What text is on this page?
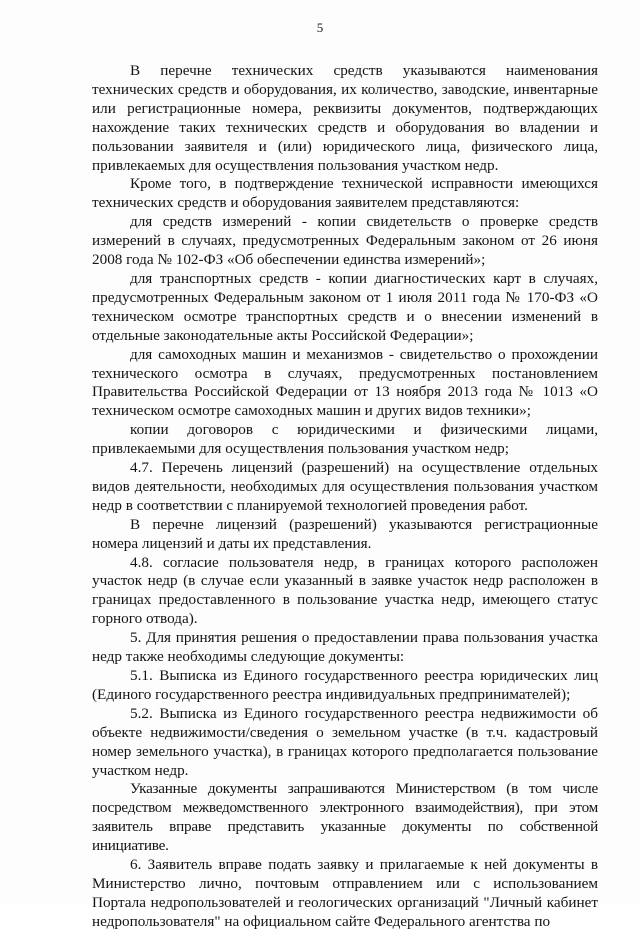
5

В перечне технических средств указываются наименования технических средств и оборудования, их количество, заводские, инвентарные или регистрационные номера, реквизиты документов, подтверждающих нахождение таких технических средств и оборудования во владении и пользовании заявителя и (или) юридического лица, физического лица, привлекаемых для осуществления пользования участком недр.

Кроме того, в подтверждение технической исправности имеющихся технических средств и оборудования заявителем представляются:

для средств измерений - копии свидетельств о проверке средств измерений в случаях, предусмотренных Федеральным законом от 26 июня 2008 года № 102-ФЗ «Об обеспечении единства измерений»;

для транспортных средств - копии диагностических карт в случаях, предусмотренных Федеральным законом от 1 июля 2011 года № 170-ФЗ «О техническом осмотре транспортных средств и о внесении изменений в отдельные законодательные акты Российской Федерации»;

для самоходных машин и механизмов - свидетельство о прохождении технического осмотра в случаях, предусмотренных постановлением Правительства Российской Федерации от 13 ноября 2013 года № 1013 «О техническом осмотре самоходных машин и других видов техники»;

копии договоров с юридическими и физическими лицами, привлекаемыми для осуществления пользования участком недр;

4.7. Перечень лицензий (разрешений) на осуществление отдельных видов деятельности, необходимых для осуществления пользования участком недр в соответствии с планируемой технологией проведения работ.

В перечне лицензий (разрешений) указываются регистрационные номера лицензий и даты их представления.

4.8. согласие пользователя недр, в границах которого расположен участок недр (в случае если указанный в заявке участок недр расположен в границах предоставленного в пользование участка недр, имеющего статус горного отвода).

5. Для принятия решения о предоставлении права пользования участка недр также необходимы следующие документы:

5.1. Выписка из Единого государственного реестра юридических лиц (Единого государственного реестра индивидуальных предпринимателей);

5.2. Выписка из Единого государственного реестра недвижимости об объекте недвижимости/сведения о земельном участке (в т.ч. кадастровый номер земельного участка), в границах которого предполагается пользование участком недр.

Указанные документы запрашиваются Министерством (в том числе посредством межведомственного электронного взаимодействия), при этом заявитель вправе представить указанные документы по собственной инициативе.

6. Заявитель вправе подать заявку и прилагаемые к ней документы в Министерство лично, почтовым отправлением или с использованием Портала недропользователей и геологических организаций "Личный кабинет недропользователя" на официальном сайте Федерального агентства по
